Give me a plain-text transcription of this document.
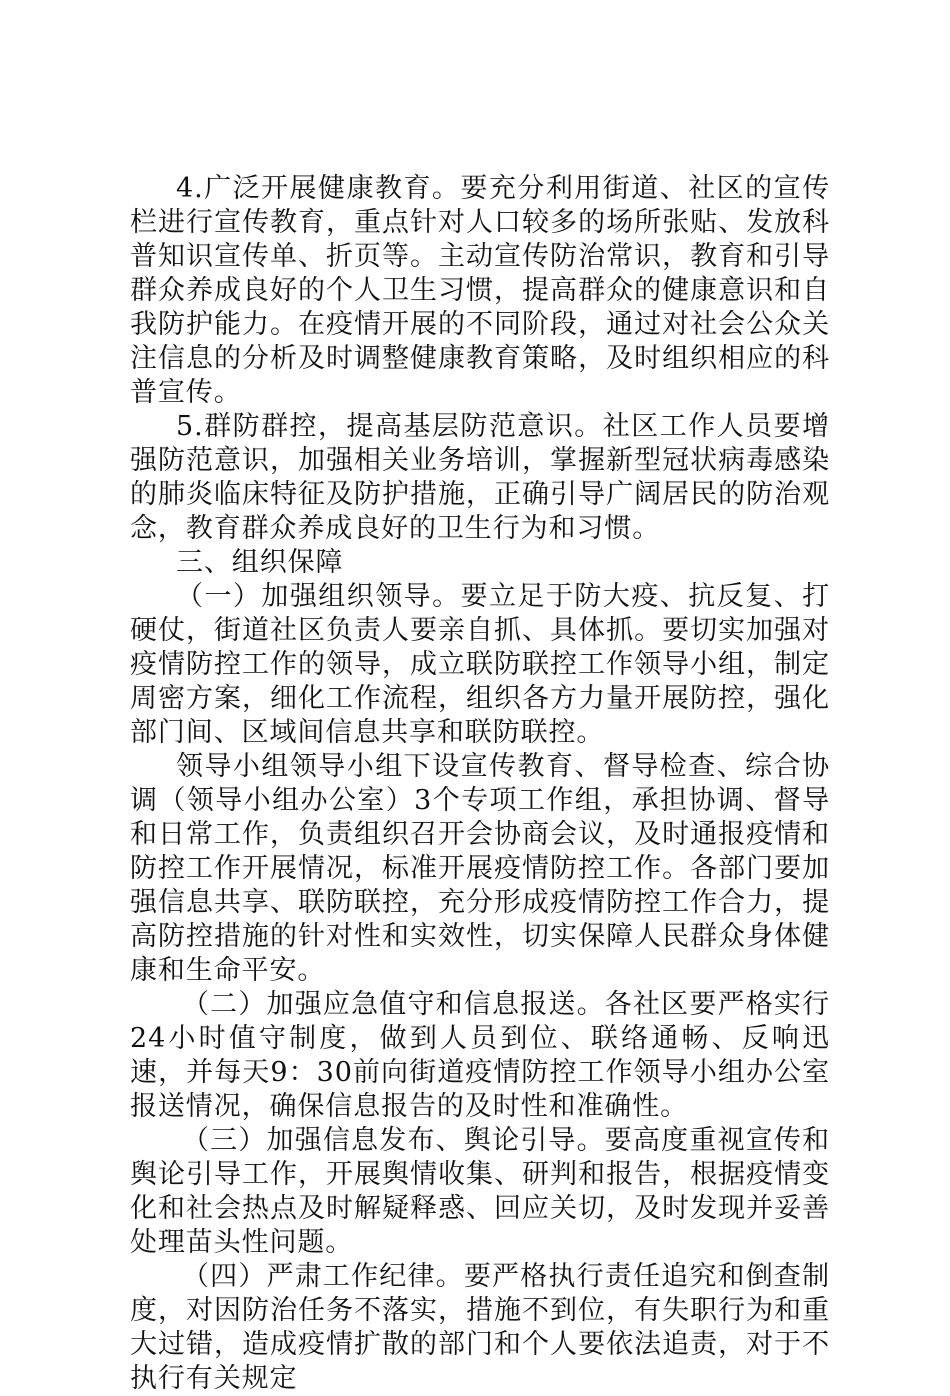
4.广泛开展健康教育。要充分利用街道、社区的宣传栏进行宣传教育，重点针对人口较多的场所张贴、发放科普知识宣传单、折页等。主动宣传防治常识，教育和引导群众养成良好的个人卫生习惯，提高群众的健康意识和自我防护能力。在疫情开展的不同阶段，通过对社会公众关注信息的分析及时调整健康教育策略，及时组织相应的科普宣传。

5.群防群控，提高基层防范意识。社区工作人员要增强防范意识，加强相关业务培训，掌握新型冠状病毒感染的肺炎临床特征及防护措施，正确引导广阔居民的防治观念，教育群众养成良好的卫生行为和习惯。

三、组织保障

（一）加强组织领导。要立足于防大疫、抗反复、打硬仗，街道社区负责人要亲自抓、具体抓。要切实加强对疫情防控工作的领导，成立联防联控工作领导小组，制定周密方案，细化工作流程，组织各方力量开展防控，强化部门间、区域间信息共享和联防联控。

领导小组领导小组下设宣传教育、督导检查、综合协调（领导小组办公室）3个专项工作组，承担协调、督导和日常工作，负责组织召开会协商会议，及时通报疫情和防控工作开展情况，标准开展疫情防控工作。各部门要加强信息共享、联防联控，充分形成疫情防控工作合力，提高防控措施的针对性和实效性，切实保障人民群众身体健康和生命平安。

（二）加强应急值守和信息报送。各社区要严格实行24小时值守制度，做到人员到位、联络通畅、反响迅速，并每天9：30前向街道疫情防控工作领导小组办公室报送情况，确保信息报告的及时性和准确性。

（三）加强信息发布、舆论引导。要高度重视宣传和舆论引导工作，开展舆情收集、研判和报告，根据疫情变化和社会热点及时解疑释惑、回应关切，及时发现并妥善处理苗头性问题。

（四）严肃工作纪律。要严格执行责任追究和倒查制度，对因防治任务不落实，措施不到位，有失职行为和重大过错，造成疫情扩散的部门和个人要依法追责，对于不执行有关规定
